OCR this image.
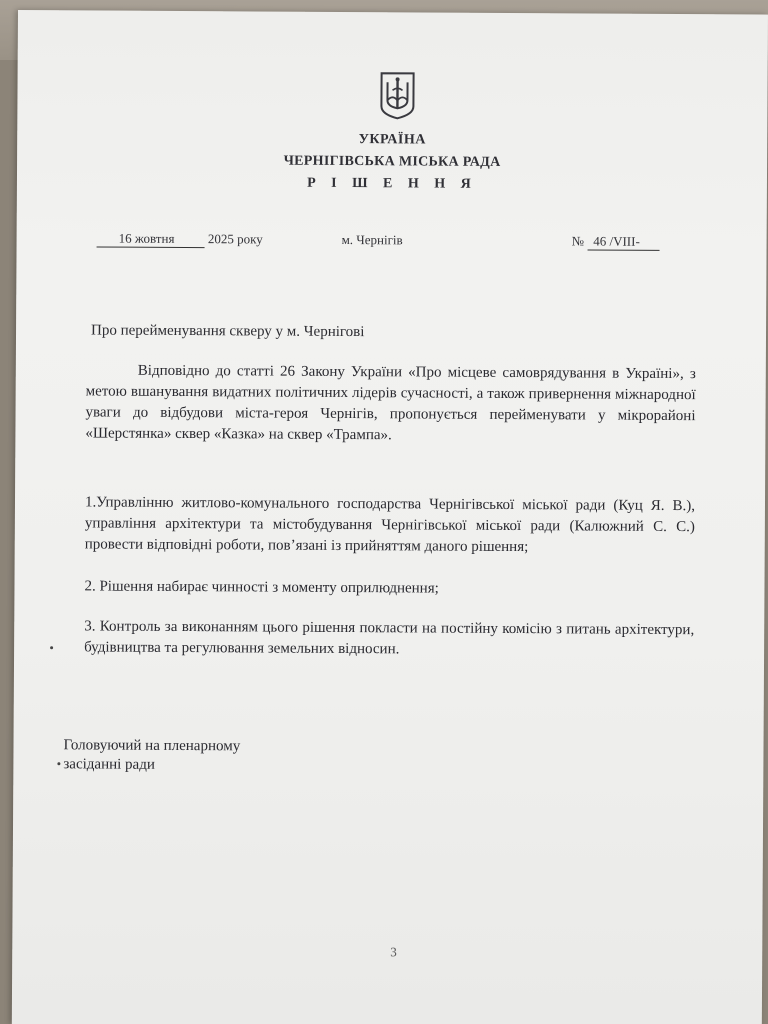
УКРАЇНА
ЧЕРНІГІВСЬКА МІСЬКА РАДА
Р І Ш Е Н Н Я
16 жовтня	2025 року	м. Чернігів	№ 46 /VIII-
Про перейменування скверу у м. Чернігові

Відповідно до статті 26 Закону України «Про місцеве самоврядування в Україні», з метою вшанування видатних політичних лідерів сучасності, а також привернення міжнародної уваги до відбудови міста-героя Чернігів, пропонується перейменувати у мікрорайоні «Шерстянка» сквер «Казка» на сквер «Трампа».

1.Управлінню житлово-комунального господарства Чернігівської міської ради (Куц Я. В.), управління архітектури та містобудування Чернігівської міської ради (Калюжний С. С.) провести відповідні роботи, пов’язані із прийняттям даного рішення;

2. Рішення набирає чинності з моменту оприлюднення;

3. Контроль за виконанням цього рішення покласти на постійну комісію з питань архітектури, будівництва та регулювання земельних відносин.

Головуючий на пленарному
засіданні ради
3
